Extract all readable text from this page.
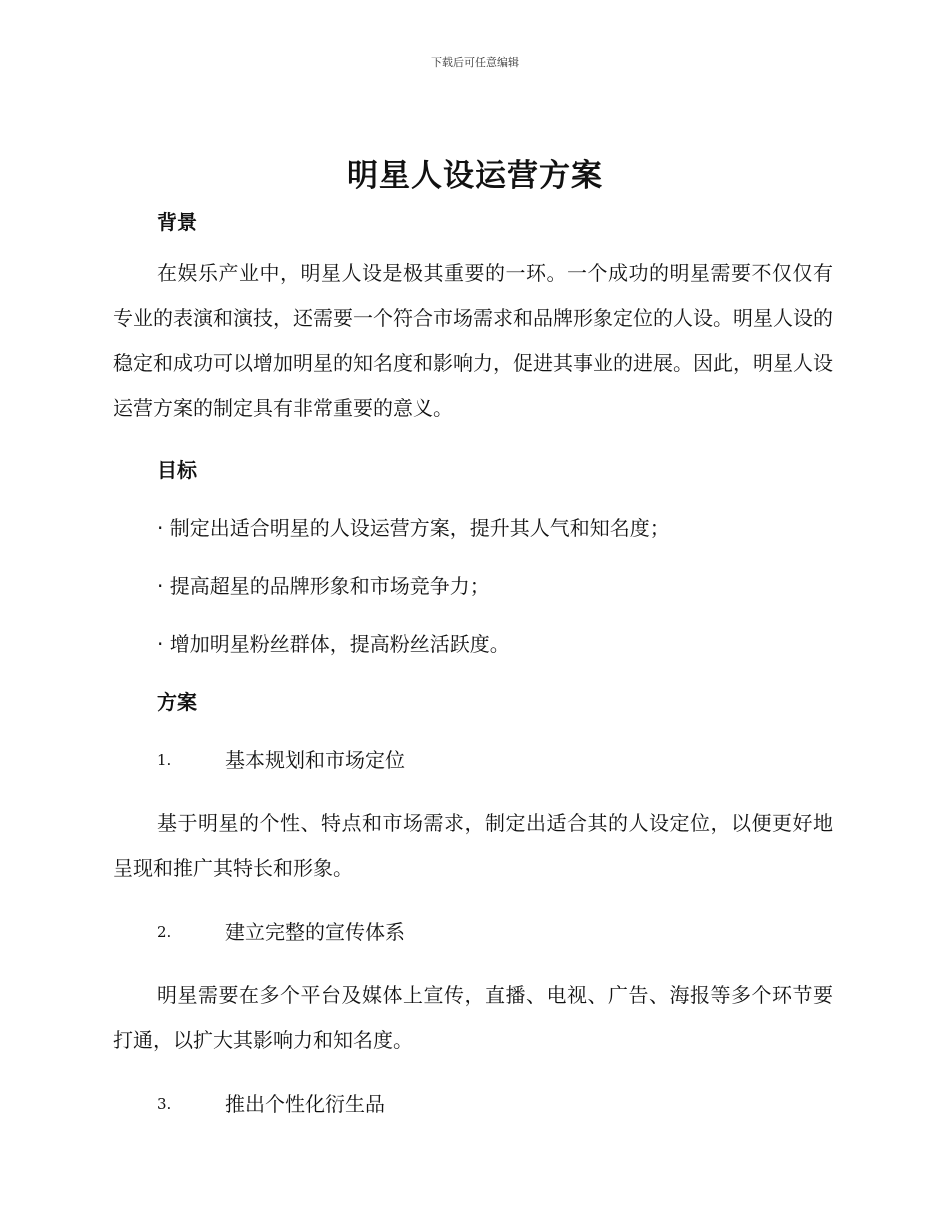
下载后可任意编辑
明星人设运营方案
背景

在娱乐产业中，明星人设是极其重要的一环。一个成功的明星需要不仅仅有专业的表演和演技，还需要一个符合市场需求和品牌形象定位的人设。明星人设的稳定和成功可以增加明星的知名度和影响力，促进其事业的进展。因此，明星人设运营方案的制定具有非常重要的意义。

目标
· 制定出适合明星的人设运营方案，提升其人气和知名度；
· 提高超星的品牌形象和市场竞争力；
· 增加明星粉丝群体，提高粉丝活跃度。
方案
1.	基本规划和市场定位

基于明星的个性、特点和市场需求，制定出适合其的人设定位，以便更好地呈现和推广其特长和形象。

2.	建立完整的宣传体系

明星需要在多个平台及媒体上宣传，直播、电视、广告、海报等多个环节要打通，以扩大其影响力和知名度。

3.	推出个性化衍生品
